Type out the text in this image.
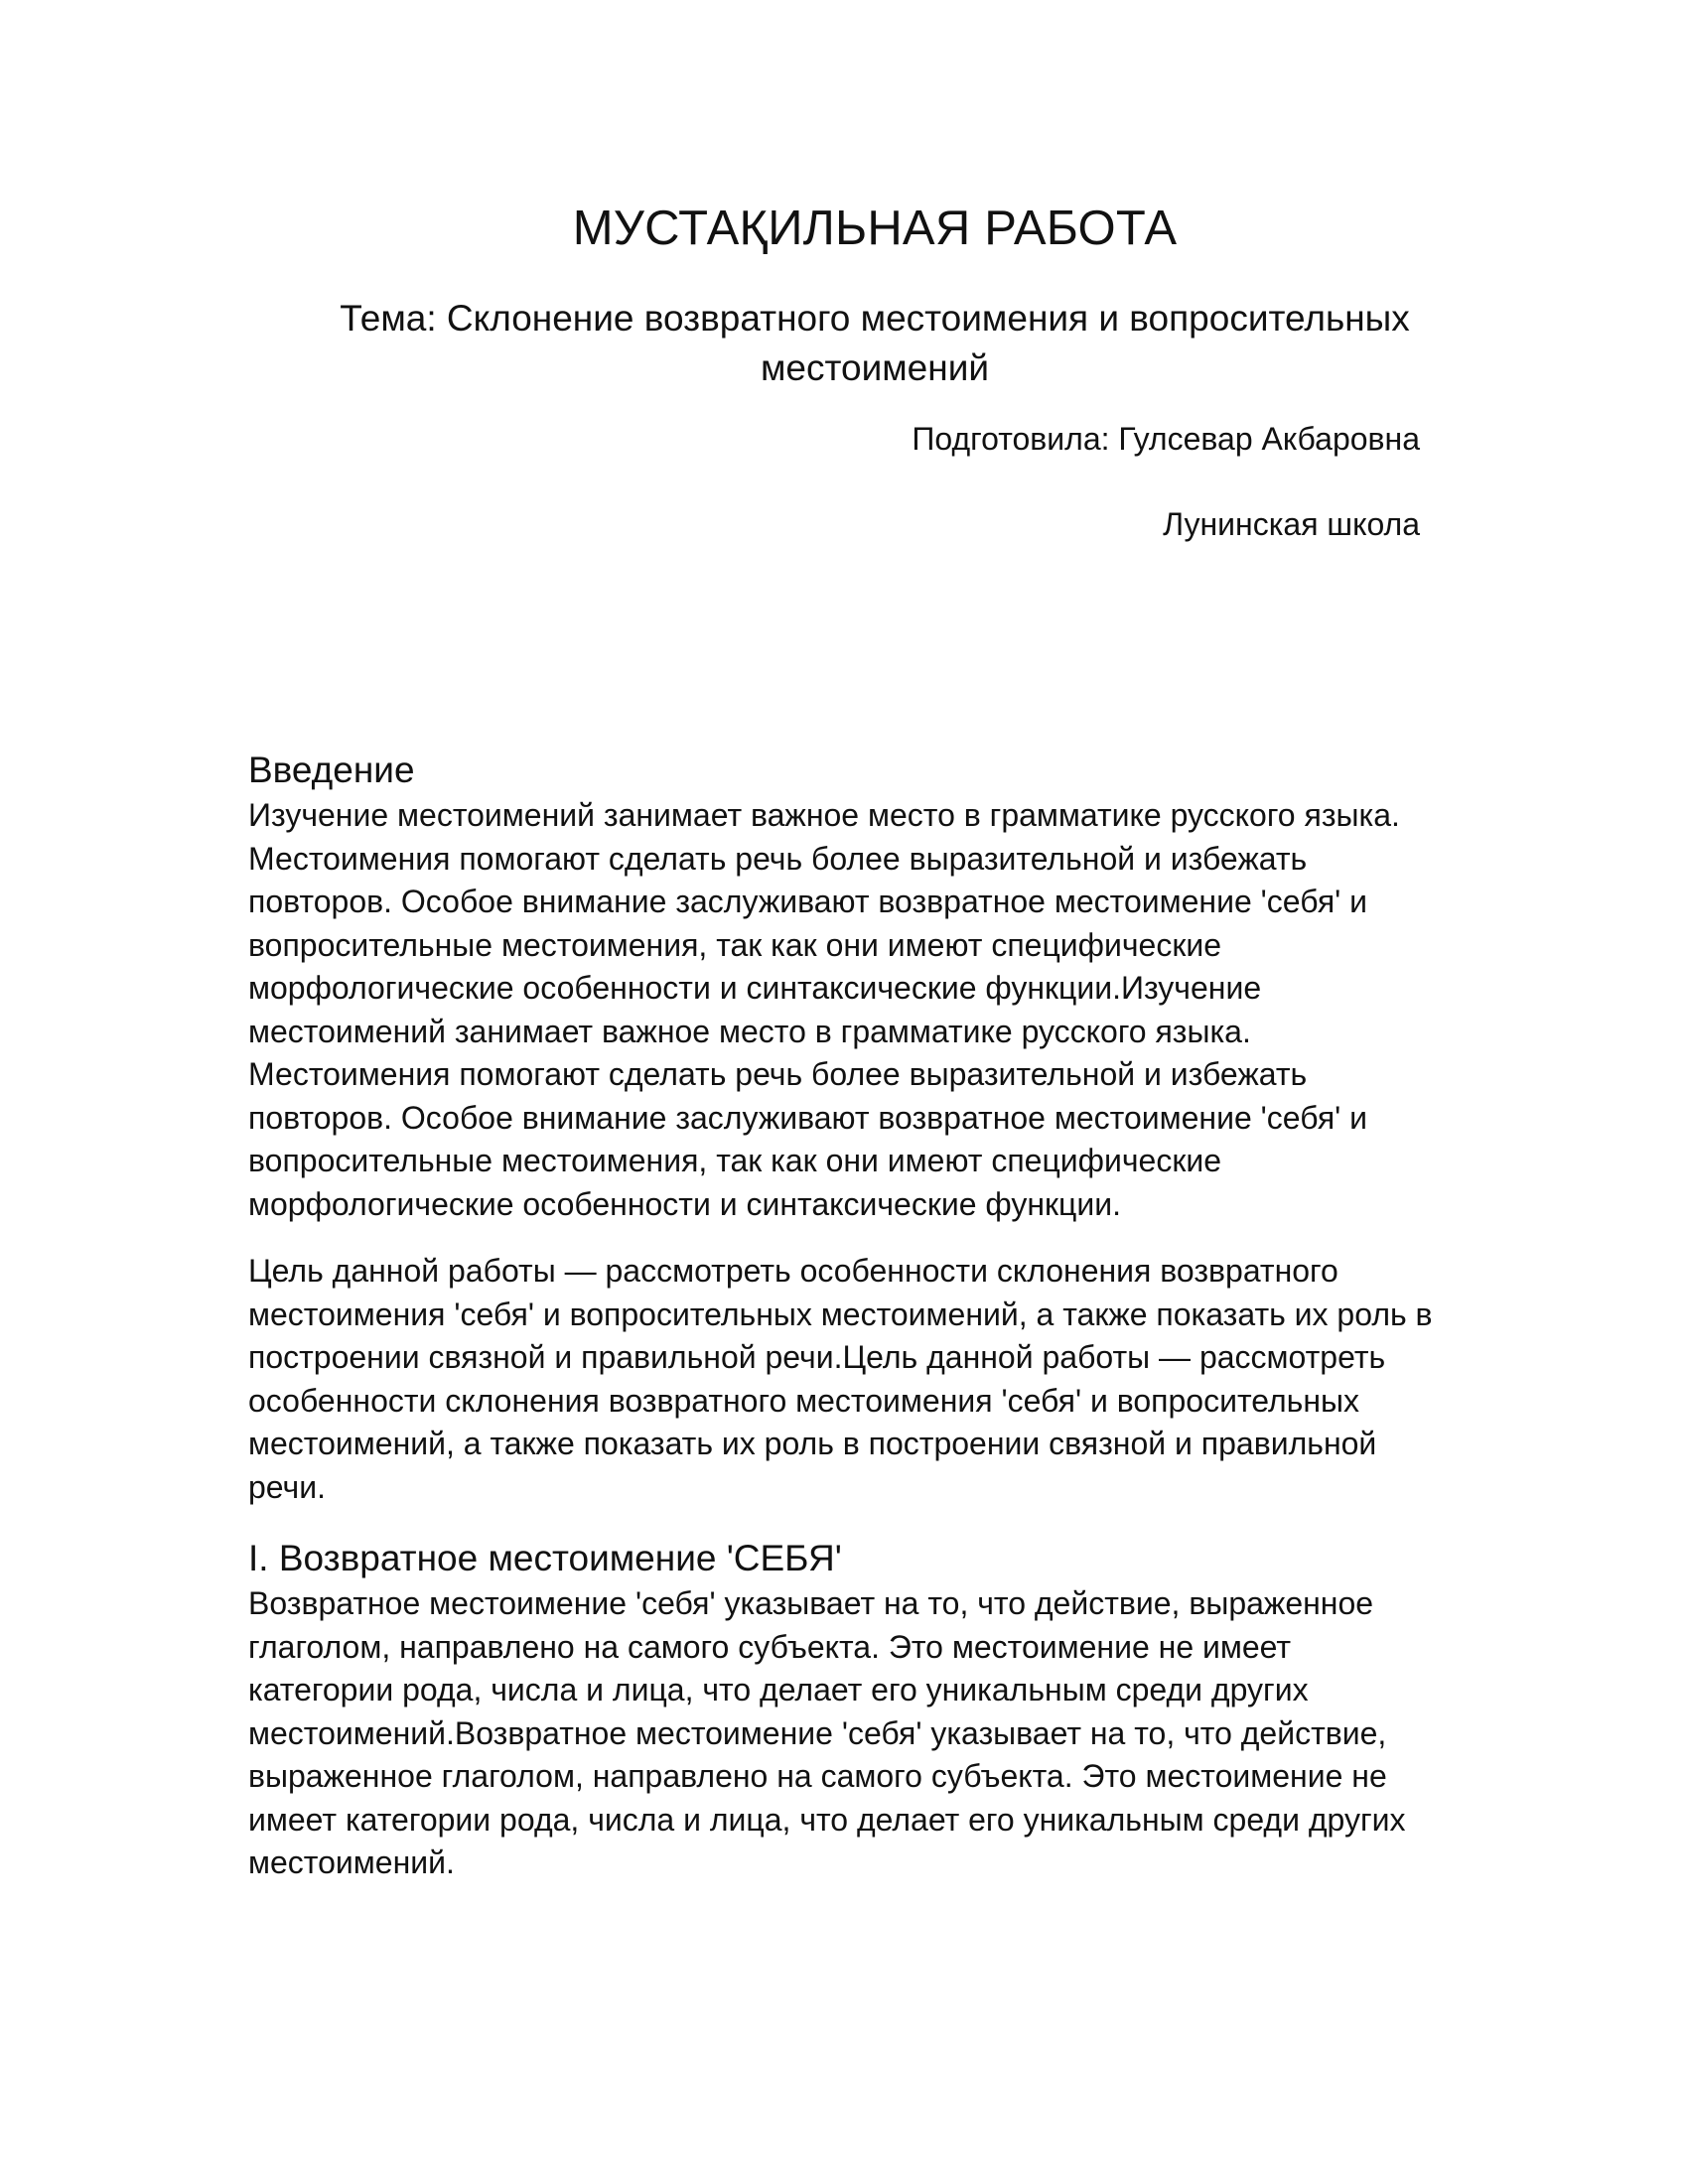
МУСТАҚИЛЬНАЯ РАБОТА
Тема: Склонение возвратного местоимения и вопросительных
местоимений

Подготовила: Гулсевар Акбаровна

Лунинская школа

Введение

Изучение местоимений занимает важное место в грамматике русского языка. Местоимения помогают сделать речь более выразительной и избежать повторов. Особое внимание заслуживают возвратное местоимение 'себя' и вопросительные местоимения, так как они имеют специфические морфологические особенности и синтаксические функции.Изучение местоимений занимает важное место в грамматике русского языка. Местоимения помогают сделать речь более выразительной и избежать повторов. Особое внимание заслуживают возвратное местоимение 'себя' и вопросительные местоимения, так как они имеют специфические морфологические особенности и синтаксические функции.

Цель данной работы — рассмотреть особенности склонения возвратного местоимения 'себя' и вопросительных местоимений, а также показать их роль в построении связной и правильной речи.Цель данной работы — рассмотреть особенности склонения возвратного местоимения 'себя' и вопросительных местоимений, а также показать их роль в построении связной и правильной речи.

I. Возвратное местоимение 'СЕБЯ'

Возвратное местоимение 'себя' указывает на то, что действие, выраженное глаголом, направлено на самого субъекта. Это местоимение не имеет категории рода, числа и лица, что делает его уникальным среди других местоимений.Возвратное местоимение 'себя' указывает на то, что действие, выраженное глаголом, направлено на самого субъекта. Это местоимение не имеет категории рода, числа и лица, что делает его уникальным среди других местоимений.
